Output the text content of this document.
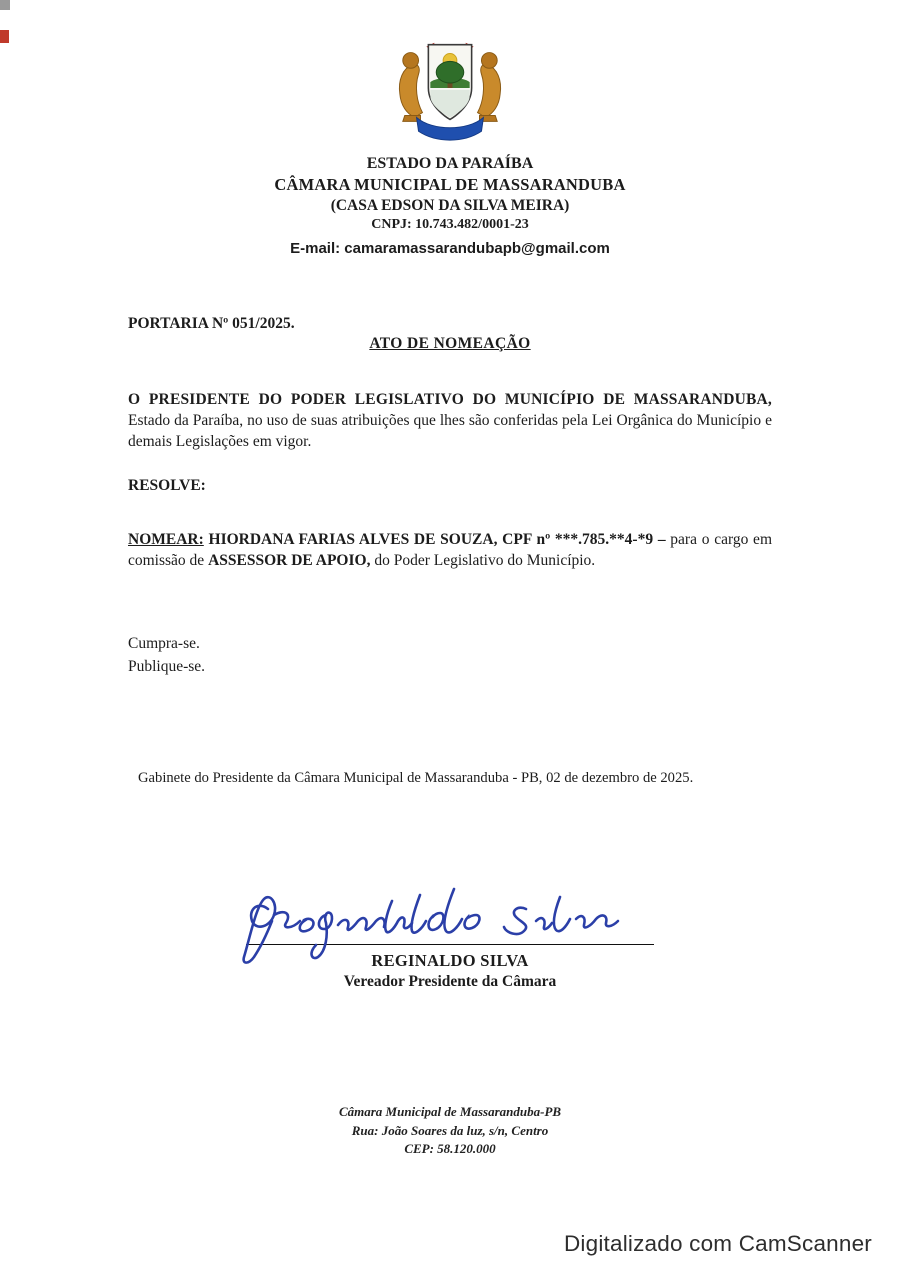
ESTADO DA PARAÍBA
CÂMARA MUNICIPAL DE MASSARANDUBA
(CASA EDSON DA SILVA MEIRA)
CNPJ: 10.743.482/0001-23
E-mail: camaramassarandubapb@gmail.com
PORTARIA Nº 051/2025.
ATO DE NOMEAÇÃO

O PRESIDENTE DO PODER LEGISLATIVO DO MUNICÍPIO DE MASSARANDUBA, Estado da Paraíba, no uso de suas atribuições que lhes são conferidas pela Lei Orgânica do Município e demais Legislações em vigor.

RESOLVE:

NOMEAR: HIORDANA FARIAS ALVES DE SOUZA, CPF nº ***.785.**4-*9 – para o cargo em comissão de ASSESSOR DE APOIO, do Poder Legislativo do Município.

Cumpra-se.
Publique-se.
Gabinete do Presidente da Câmara Municipal de Massaranduba - PB, 02 de dezembro de 2025.
REGINALDO SILVA
Vereador Presidente da Câmara
Câmara Municipal de Massaranduba-PB
Rua: João Soares da luz, s/n, Centro
CEP: 58.120.000
Digitalizado com CamScanner
